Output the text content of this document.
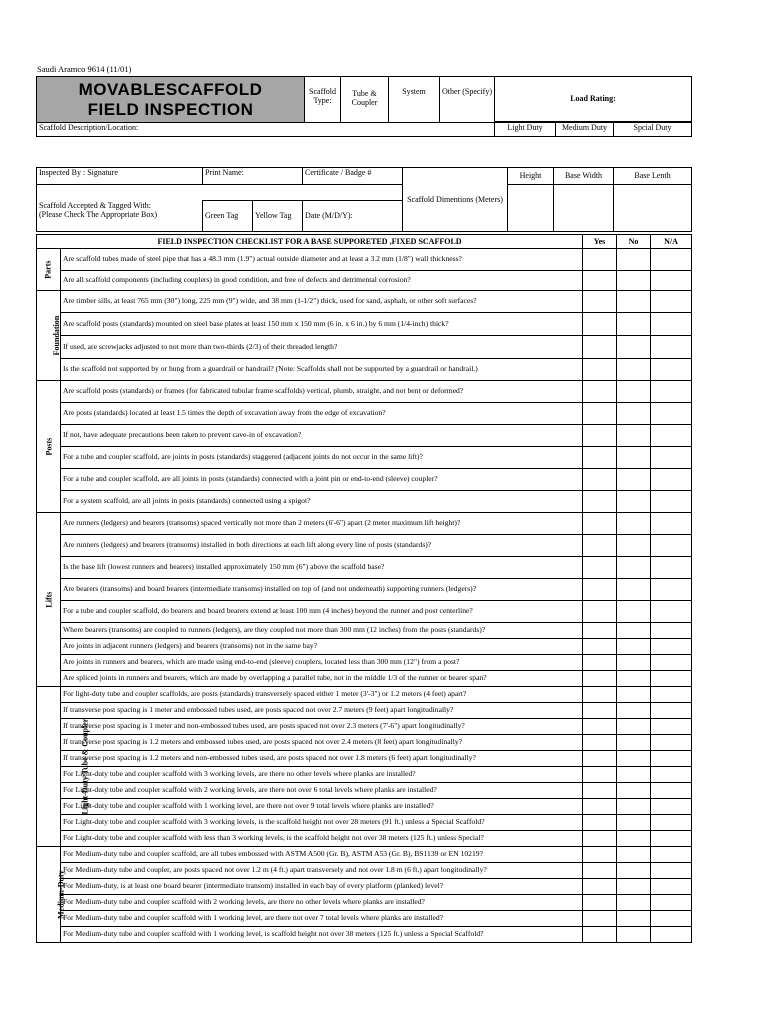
Saudi Aramco 9614 (11/01)
MOVABLESCAFFOLD
FIELD INSPECTION	Scaffold Type:	Tube & Coupler	System	Other (Specify)	Load Rating:		

Scaffold Description/Location:					Light Duty	Medium Duty	Spcial Duty
Inspected By : Signature	Print Name:	Certificate / Badge #	Scaffold Dimentions (Meters)	Height	Base Width	Base Lenth

Scaffold Accepted & Tagged With:
(Please Check The Appropriate Box)
		Green Tag	Yellow Tag
	Date (M/D/Y):
FIELD INSPECTION CHECKLIST FOR A BASE SUPPORETED ,FIXED SCAFFOLD		Yes	No	N/A
Parts	Are scaffold tubes made of steel pipe that has a 48.3 mm (1.9") actual outside diameter and at least a 3.2 mm (1/8") wall thickness?			
	Are all scaffold components (including couplers) in good condition, and free of defects and detrimental corrosion?			
Foundation	Are timber sills, at least 765 mm (30") long, 225 mm (9") wide, and 38 mm (1-1/2") thick, used for sand, asphalt, or other soft surfaces?			
	Are scaffold posts (standards) mounted on steel base plates at least 150 mm x 150 mm (6 in. x 6 in.) by 6 mm (1/4-inch) thick?			
	If used, are screwjacks adjusted to not more than two-thirds (2/3) of their threaded length?			
	Is the scaffold not supported by or hung from a guardrail or handrail? (Note: Scaffolds shall not be supported by a guardrail or handrail.)			
Posts	Are scaffold posts (standards) or frames (for fabricated tubular frame scaffolds) vertical, plumb, straight, and not bent or deformed?			
	Are posts (standards) located at least 1.5 times the depth of excavation away from the edge of excavation?			
	If not, have adequate precautions been taken to prevent cave-in of excavation?			
	For a tube and coupler scaffold, are joints in posts (standards) staggered (adjacent joints do not occur in the same lift)?			
	For a tube and coupler scaffold, are all joints in posts (standards) connected with a joint pin or end-to-end (sleeve) coupler?			
	For a system scaffold, are all joints in posts (standards) connected using a spigot?			
Lifts	Are runners (ledgers) and bearers (transoms) spaced vertically not more than 2 meters (6'-6") apart (2 meter maximum lift height)?			
	Are runners (ledgers) and bearers (transoms) installed in both directions at each lift along every line of posts (standards)?			
	Is the base lift (lowest runners and bearers) installed approximately 150 mm (6") above the scaffold base?			
	Are bearers (transoms) and board bearers (intermediate transoms) installed on top of (and not underneath) supporting runners (ledgers)?			
	For a tube and coupler scaffold, do bearers and board bearers extend at least 100 mm (4 inches) beyond the runner and post centerline?			
	Where bearers (transoms) are coupled to runners (ledgers), are they coupled not more than 300 mm (12 inches) from the posts (standards)?			
	Are joints in adjacent runners (ledgers) and bearers (transoms) not in the same bay?			
	Are joints in runners and bearers, which are made using end-to-end (sleeve) couplers, located less than 300 mm (12") from a post?			
	Are spliced joints in runners and bearers, which are made by overlapping a parallel tube, not in the middle 1/3 of the runner or bearer span?			
Light-Duty Tube & Coupler	For light-duty tube and coupler scaffolds, are posts (standards) transversely spaced either 1 meter (3'-3") or 1.2 meters (4 feet) apart?			
	If transverse post spacing is 1 meter and embossed tubes used, are posts spaced not over 2.7 meters (9 feet) apart longitudinally?			
	If transverse post spacing is 1 meter and non-embossed tubes used, are posts spaced not over 2.3 meters (7'-6") apart longitudinally?			
	If transverse post spacing is 1.2 meters and embossed tubes used, are posts spaced not over 2.4 meters (8 feet) apart longitudinally?			
	If transverse post spacing is 1.2 meters and non-embossed tubes used, are posts spaced not over 1.8 meters (6 feet) apart longitudinally?			
	For Light-duty tube and coupler scaffold with 3 working levels, are there no other levels where planks are installed?			
	For Light-duty tube and coupler scaffold with 2 working levels, are there not over 6 total levels where planks are installed?			
	For Light-duty tube and coupler scaffold with 1 working level, are there not over 9 total levels where planks are installed?			
	For Light-duty tube and coupler scaffold with 3 working levels, is the scaffold height not over 28 meters (91 ft.) unless a Special Scaffold?			
	For Light-duty tube and coupler scaffold with less than 3 working levels, is the scaffold height not over 38 meters (125 ft.) unless Special?			
Medium-Duty	For Medium-duty tube and coupler scaffold, are all tubes embossed with ASTM A500 (Gr. B), ASTM A53 (Gr. B), BS1139 or EN 10219?			
	For Medium-duty tube and coupler, are posts spaced not over 1.2 m (4 ft.) apart transversely and not over 1.8 m (6 ft.) apart longitudinally?			
	For Medium-duty, is at least one board bearer (intermediate transom) installed in each bay of every platform (planked) level?			
	For Medium-duty tube and coupler scaffold with 2 working levels, are there no other levels where planks are installed?			
	For Medium-duty tube and coupler scaffold with 1 working level, are there not over 7 total levels where planks are installed?			
	For Medium-duty tube and coupler scaffold with 1 working level, is scaffold height not over 38 meters (125 ft.) unless a Special Scaffold?			
